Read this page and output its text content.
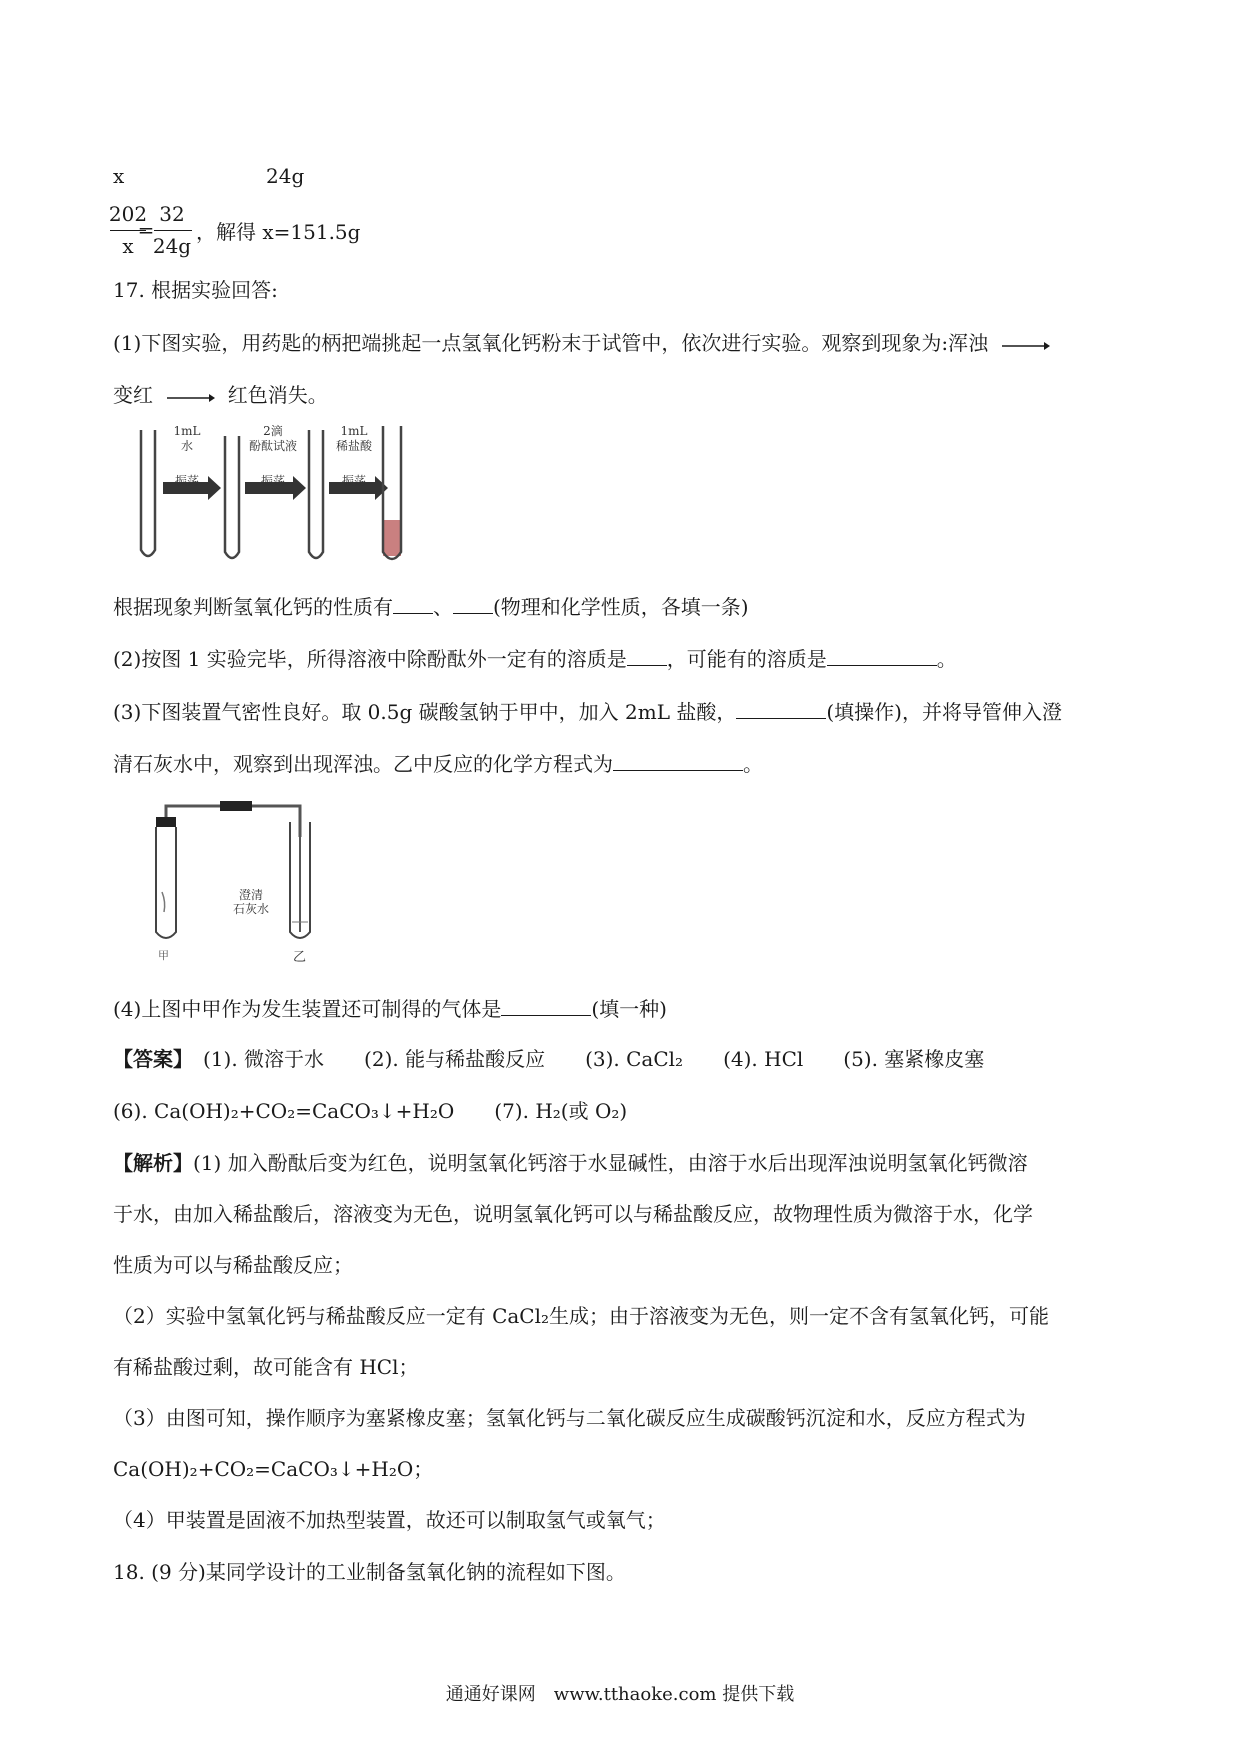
x	24g
202
x
=
32
24g
，解得 x=151.5g
17. 根据实验回答:
(1)下图实验，用药匙的柄把端挑起一点氢氧化钙粉末于试管中，依次进行实验。观察到现象为:浑浊
变红	红色消失。
1mL
水
振荡
2滴
酚酞试液
振荡
1mL
稀盐酸
振荡
根据现象判断氢氧化钙的性质有 、 (物理和化学性质，各填一条)
(2)按图 1 实验完毕，所得溶液中除酚酞外一定有的溶质是 ，可能有的溶质是	。
(3)下图装置气密性良好。取 0.5g 碳酸氢钠于甲中，加入 2mL 盐酸，	(填操作)，并将导管伸入澄
清石灰水中，观察到出现浑浊。乙中反应的化学方程式为	。
澄清
石灰水
甲	乙
(4)上图中甲作为发生装置还可制得的气体是	(填一种)
【答案】　 (1). 微溶于水　　(2). 能与稀盐酸反应　　(3). CaCl₂　　(4). HCl　　(5). 塞紧橡皮塞
(6). Ca(OH)₂+CO₂=CaCO₃↓+H₂O　　(7). H₂(或 O₂)
【解析】(1) 加入酚酞后变为红色，说明氢氧化钙溶于水显碱性，由溶于水后出现浑浊说明氢氧化钙微溶
于水，由加入稀盐酸后，溶液变为无色，说明氢氧化钙可以与稀盐酸反应，故物理性质为微溶于水，化学
性质为可以与稀盐酸反应；
（2）实验中氢氧化钙与稀盐酸反应一定有 CaCl₂生成；由于溶液变为无色，则一定不含有氢氧化钙，可能
有稀盐酸过剩，故可能含有 HCl；
（3）由图可知，操作顺序为塞紧橡皮塞；氢氧化钙与二氧化碳反应生成碳酸钙沉淀和水，反应方程式为
Ca(OH)₂+CO₂=CaCO₃↓+H₂O；
（4）甲装置是固液不加热型装置，故还可以制取氢气或氧气；
18. (9 分)某同学设计的工业制备氢氧化钠的流程如下图。
通通好课网　www.tthaoke.com 提供下载
